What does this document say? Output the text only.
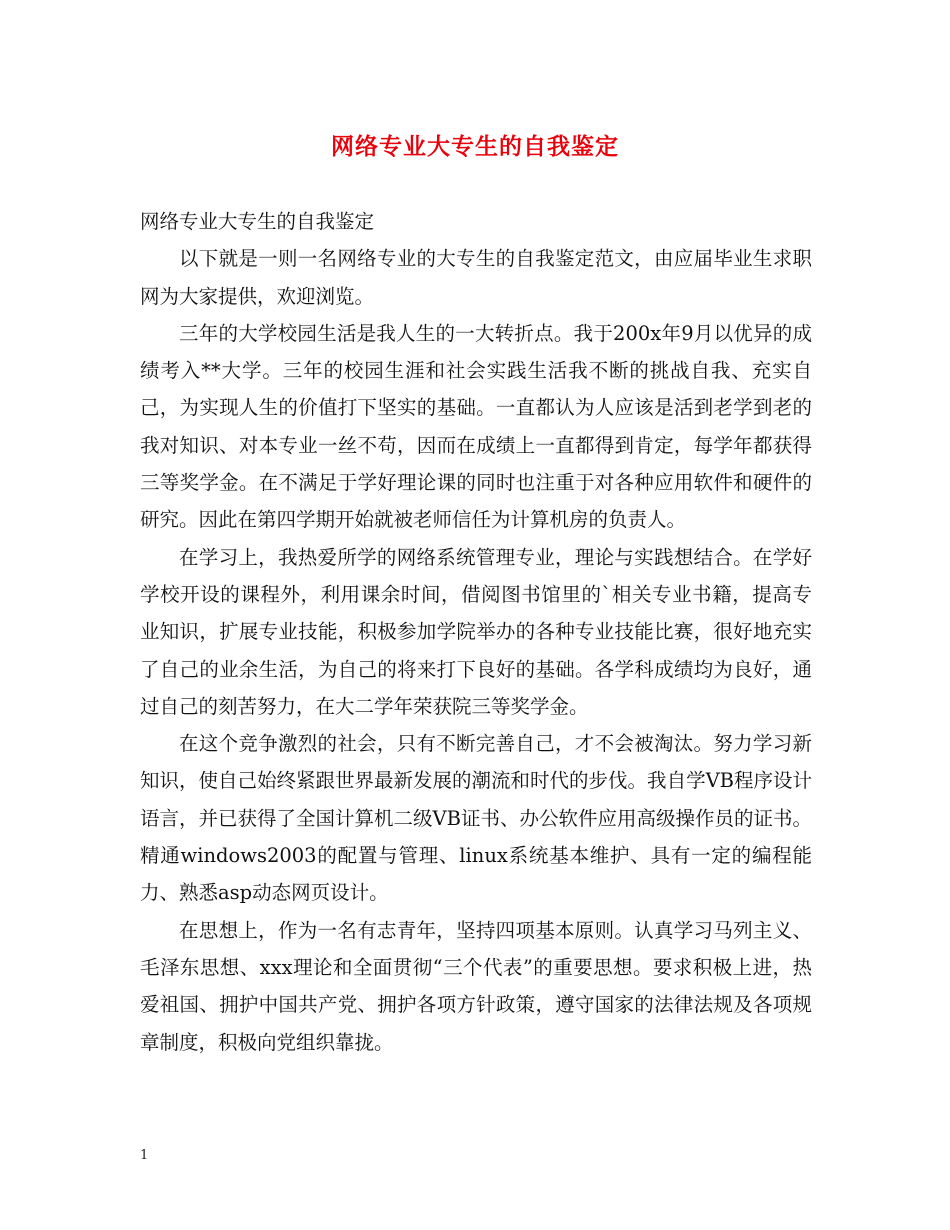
网络专业大专生的自我鉴定

网络专业大专生的自我鉴定

以下就是一则一名网络专业的大专生的自我鉴定范文，由应届毕业生求职网为大家提供，欢迎浏览。

三年的大学校园生活是我人生的一大转折点。我于200x年9月以优异的成绩考入**大学。三年的校园生涯和社会实践生活我不断的挑战自我、充实自己，为实现人生的价值打下坚实的基础。一直都认为人应该是活到老学到老的我对知识、对本专业一丝不苟，因而在成绩上一直都得到肯定，每学年都获得三等奖学金。在不满足于学好理论课的同时也注重于对各种应用软件和硬件的研究。因此在第四学期开始就被老师信任为计算机房的负责人。

在学习上，我热爱所学的网络系统管理专业，理论与实践想结合。在学好学校开设的课程外，利用课余时间，借阅图书馆里的`相关专业书籍，提高专业知识，扩展专业技能，积极参加学院举办的各种专业技能比赛，很好地充实了自己的业余生活，为自己的将来打下良好的基础。各学科成绩均为良好，通过自己的刻苦努力，在大二学年荣获院三等奖学金。

在这个竞争激烈的社会，只有不断完善自己，才不会被淘汰。努力学习新知识，使自己始终紧跟世界最新发展的潮流和时代的步伐。我自学VB程序设计语言，并已获得了全国计算机二级VB证书、办公软件应用高级操作员的证书。精通windows2003的配置与管理、linux系统基本维护、具有一定的编程能力、熟悉asp动态网页设计。

在思想上，作为一名有志青年，坚持四项基本原则。认真学习马列主义、毛泽东思想、xxx理论和全面贯彻“三个代表”的重要思想。要求积极上进，热爱祖国、拥护中国共产党、拥护各项方针政策，遵守国家的法律法规及各项规章制度，积极向党组织靠拢。

1
